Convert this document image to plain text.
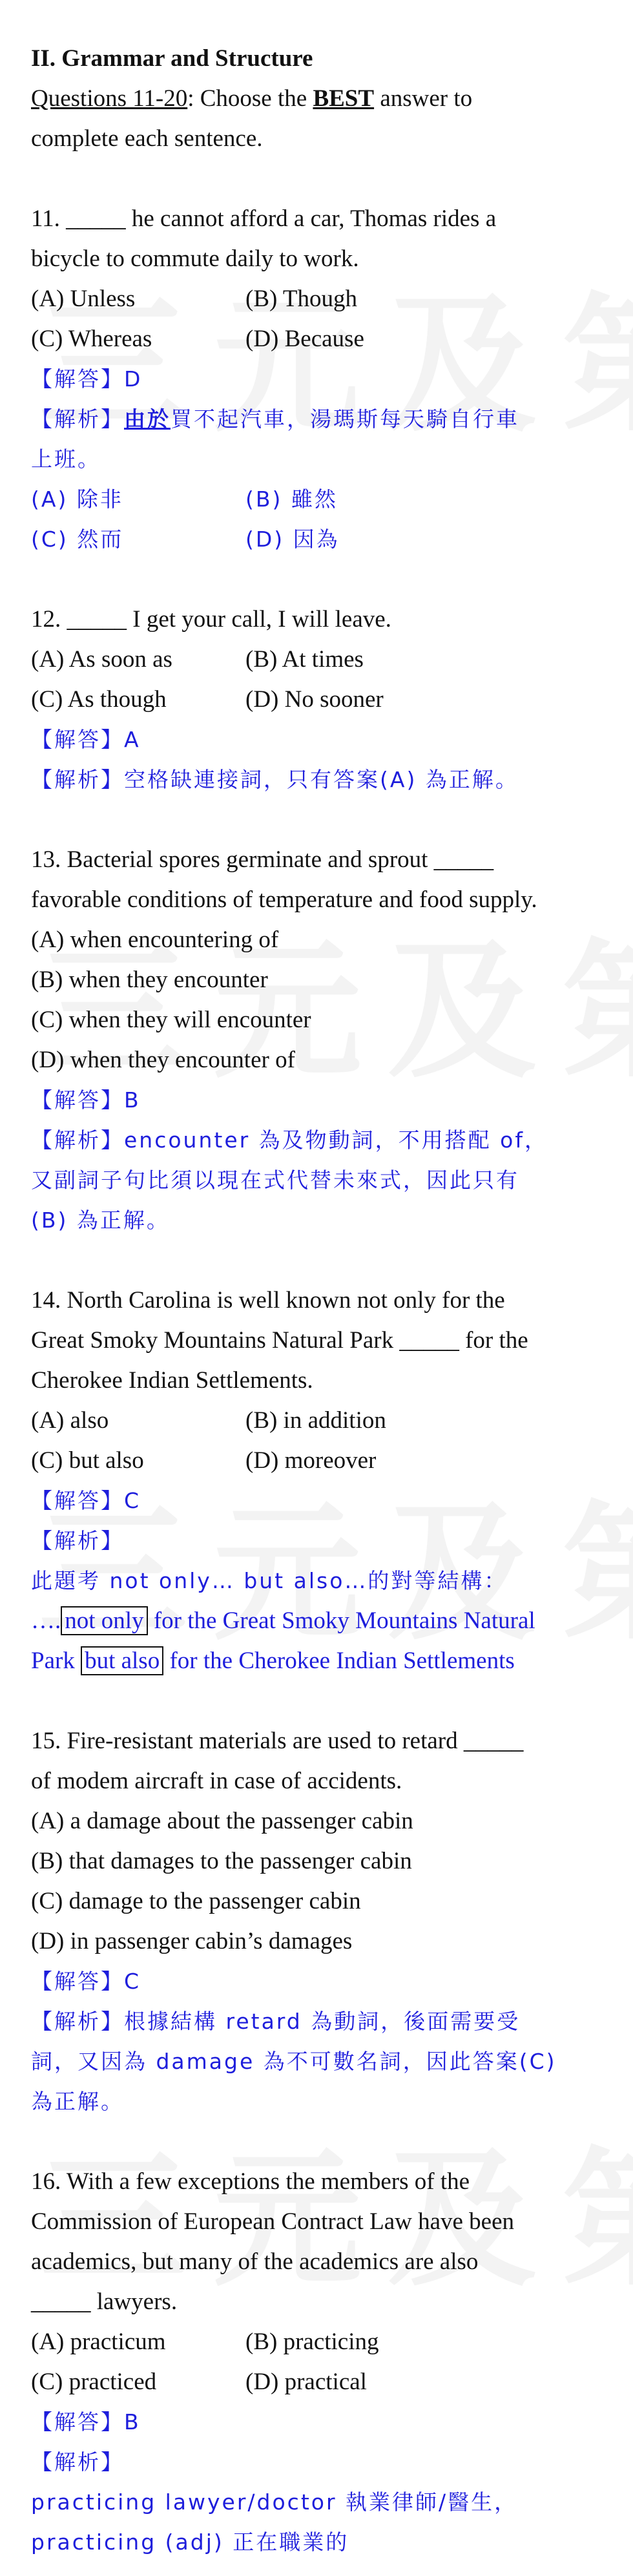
II. Grammar and Structure
Questions 11-20: Choose the BEST answer to
complete each sentence.
11. _____ he cannot afford a car, Thomas rides a
bicycle to commute daily to work.
(A) Unless	(B) Though
(C) Whereas	(D) Because
【解答】D
【解析】由於買不起汽車，湯瑪斯每天騎自行車
上班。
(A) 除非	(B) 雖然
(C) 然而	(D) 因為
12. _____ I get your call, I will leave.
(A) As soon as	(B) At times
(C) As though	(D) No sooner
【解答】A
【解析】空格缺連接詞，只有答案(A) 為正解。
13. Bacterial spores germinate and sprout _____
favorable conditions of temperature and food supply.
(A) when encountering of
(B) when they encounter
(C) when they will encounter
(D) when they encounter of
【解答】B
【解析】encounter 為及物動詞，不用搭配 of，
又副詞子句比須以現在式代替未來式，因此只有
(B) 為正解。
14. North Carolina is well known not only for the
Great Smoky Mountains Natural Park _____ for the
Cherokee Indian Settlements.
(A) also	(B) in addition
(C) but also	(D) moreover
【解答】C
【解析】
此題考 not only… but also…的對等結構：
…. not only for the Great Smoky Mountains Natural
Park but also for the Cherokee Indian Settlements
15. Fire-resistant materials are used to retard _____
of modem aircraft in case of accidents.
(A) a damage about the passenger cabin
(B) that damages to the passenger cabin
(C) damage to the passenger cabin
(D) in passenger cabin’s damages
【解答】C
【解析】根據結構 retard 為動詞，後面需要受
詞，又因為 damage 為不可數名詞，因此答案(C)
為正解。
16. With a few exceptions the members of the
Commission of European Contract Law have been
academics, but many of the academics are also
_____ lawyers.
(A) practicum	(B) practicing
(C) practiced	(D) practical
【解答】B
【解析】
practicing lawyer/doctor 執業律師/醫生，
practicing (adj) 正在職業的
